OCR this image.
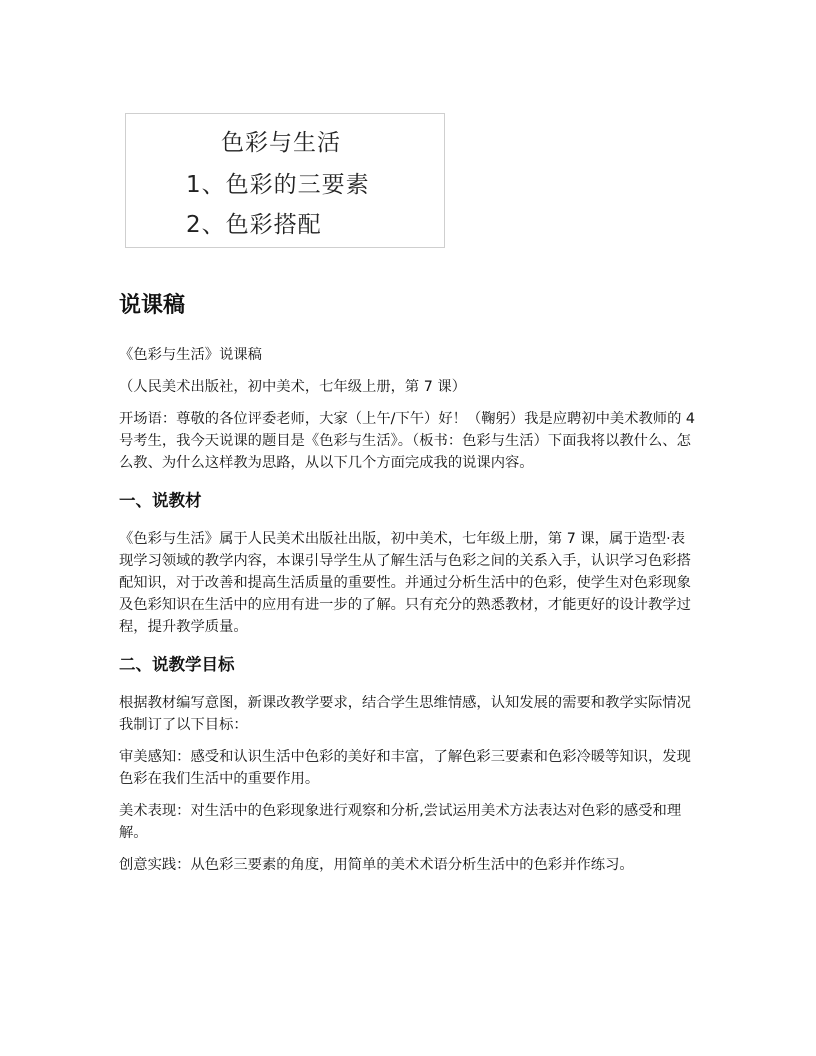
色彩与生活
1、色彩的三要素
2、色彩搭配
说课稿

《色彩与生活》说课稿

（人民美术出版社，初中美术，七年级上册，第 7 课）

开场语：尊敬的各位评委老师，大家（上午/下午）好！（鞠躬）我是应聘初中美术教师的 4 号考生，我今天说课的题目是《色彩与生活》。（板书：色彩与生活）下面我将以教什么、怎么教、为什么这样教为思路，从以下几个方面完成我的说课内容。

一、说教材

《色彩与生活》属于人民美术出版社出版，初中美术，七年级上册，第 7 课，属于造型·表现学习领域的教学内容，本课引导学生从了解生活与色彩之间的关系入手，认识学习色彩搭配知识，对于改善和提高生活质量的重要性。并通过分析生活中的色彩，使学生对色彩现象及色彩知识在生活中的应用有进一步的了解。只有充分的熟悉教材，才能更好的设计教学过程，提升教学质量。

二、说教学目标

根据教材编写意图，新课改教学要求，结合学生思维情感，认知发展的需要和教学实际情况我制订了以下目标：

审美感知：感受和认识生活中色彩的美好和丰富，了解色彩三要素和色彩冷暖等知识，发现色彩在我们生活中的重要作用。

美术表现：对生活中的色彩现象进行观察和分析,尝试运用美术方法表达对色彩的感受和理解。

创意实践：从色彩三要素的角度，用简单的美术术语分析生活中的色彩并作练习。
